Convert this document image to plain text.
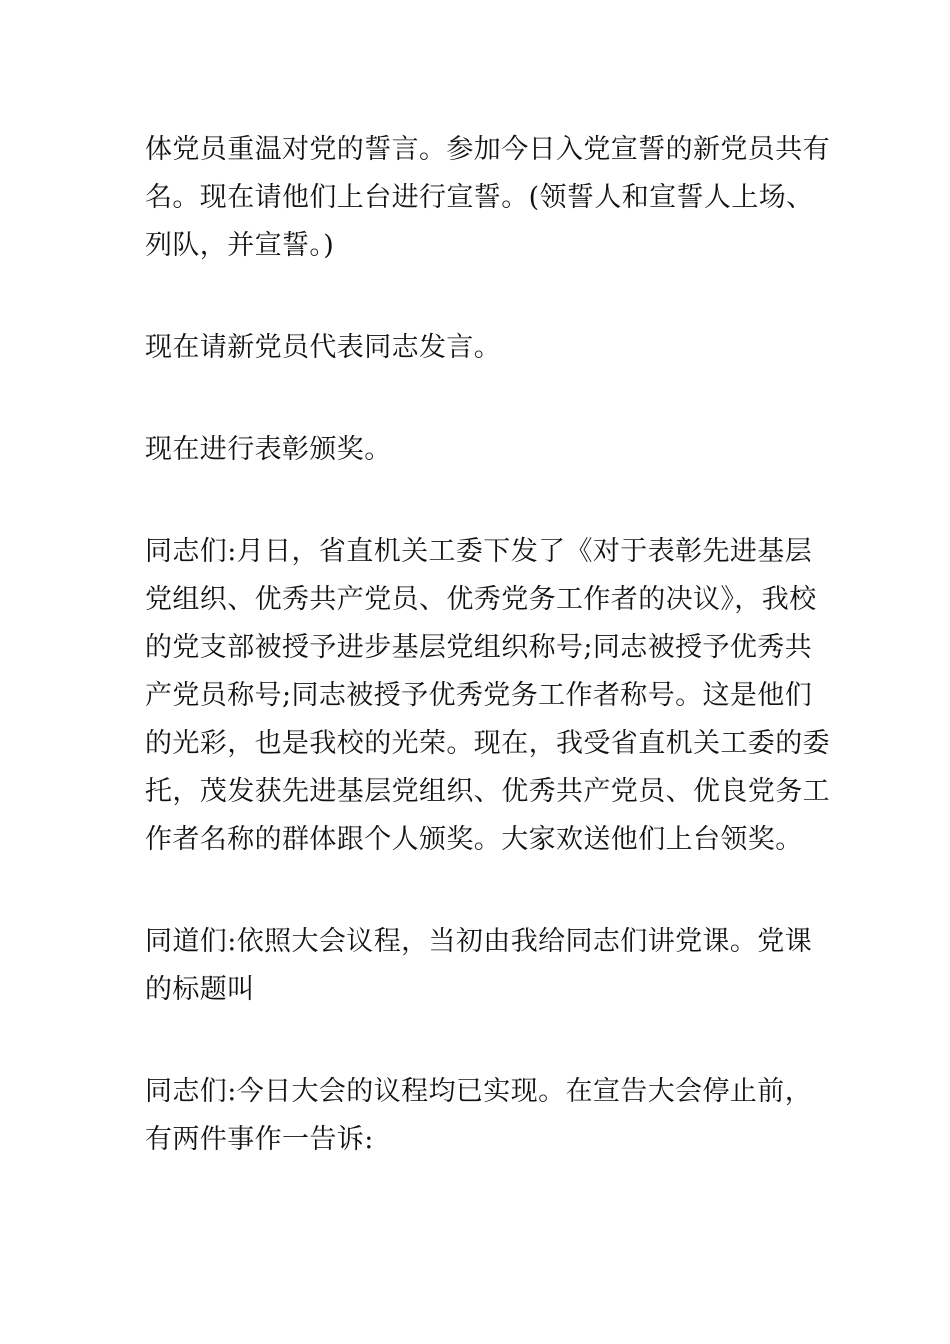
体党员重温对党的誓言。参加今日入党宣誓的新党员共有名。现在请他们上台进行宣誓。(领誓人和宣誓人上场、列队，并宣誓。)

现在请新党员代表同志发言。

现在进行表彰颁奖。

同志们:月日，省直机关工委下发了《对于表彰先进基层党组织、优秀共产党员、优秀党务工作者的决议》，我校的党支部被授予进步基层党组织称号;同志被授予优秀共产党员称号;同志被授予优秀党务工作者称号。这是他们的光彩，也是我校的光荣。现在，我受省直机关工委的委托，茂发获先进基层党组织、优秀共产党员、优良党务工作者名称的群体跟个人颁奖。大家欢送他们上台领奖。

同道们:依照大会议程，当初由我给同志们讲党课。党课的标题叫

同志们:今日大会的议程均已实现。在宣告大会停止前，有两件事作一告诉:
